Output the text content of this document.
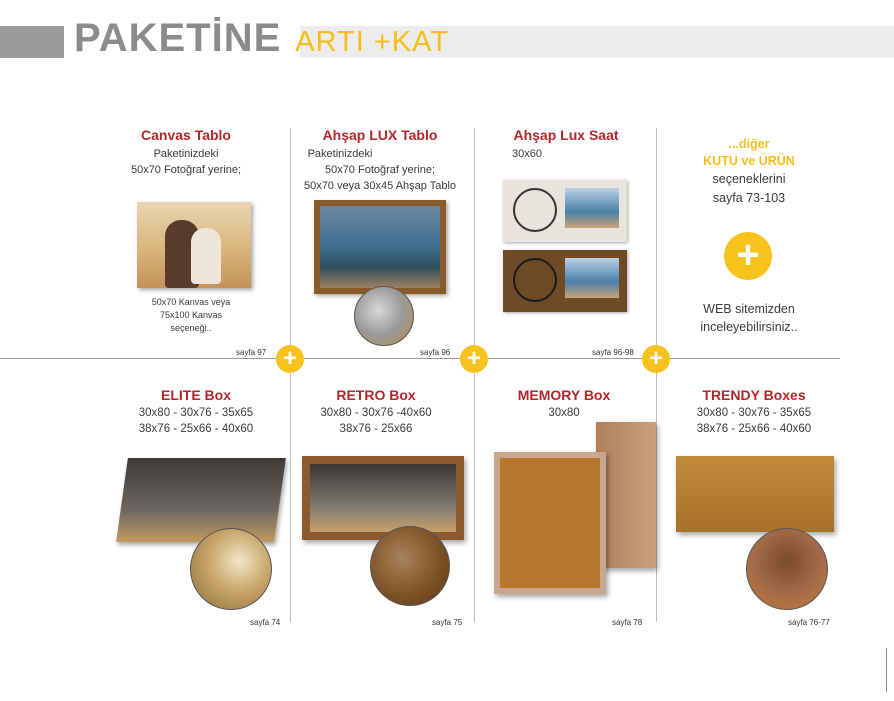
PAKETİNE ARTI +KAT
+	+	+
Canvas Tablo
Paketinizdeki
50x70 Fotoğraf yerine;
50x70 Kanvas veya
75x100 Kanvas
seçeneği..
sayfa 97
Ahşap LUX Tablo
Paketinizdeki
50x70 Fotoğraf yerine;
50x70 veya 30x45 Ahşap Tablo
sayfa 96
Ahşap Lux Saat
30x60
sayfa 96-98
...diğer
KUTU ve ÜRÜN
seçeneklerini
sayfa 73-103
+
WEB sitemizden
inceleyebilirsiniz..
ELITE Box
30x80 - 30x76 - 35x65
38x76 - 25x66 - 40x60
sayfa 74
RETRO Box
30x80 - 30x76 -40x60
38x76 - 25x66
sayfa 75
MEMORY Box
30x80
sayfa 78
TRENDY Boxes
30x80 - 30x76 - 35x65
38x76 - 25x66 - 40x60
sayfa 76-77
